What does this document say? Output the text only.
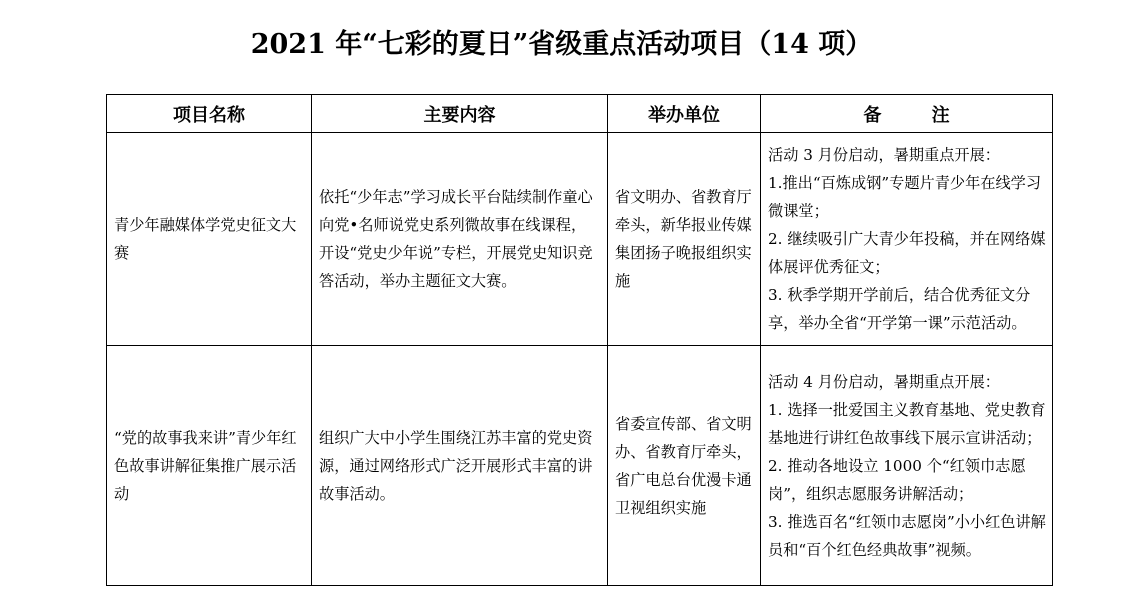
2021 年“七彩的夏日”省级重点活动项目（14 项）
项目名称	主要内容	举办单位	备 注
青少年融媒体学党史征文大赛	依托“少年志”学习成长平台陆续制作童心向党•名师说党史系列微故事在线课程，开设“党史少年说”专栏，开展党史知识竞答活动，举办主题征文大赛。	省文明办、省教育厅牵头，新华报业传媒集团扬子晚报组织实施	活动 3 月份启动，暑期重点开展：
1.推出“百炼成钢”专题片青少年在线学习微课堂；
2. 继续吸引广大青少年投稿，并在网络媒体展评优秀征文；
3. 秋季学期开学前后，结合优秀征文分享，举办全省“开学第一课”示范活动。

“党的故事我来讲”青少年红色故事讲解征集推广展示活动	组织广大中小学生围绕江苏丰富的党史资源，通过网络形式广泛开展形式丰富的讲故事活动。	省委宣传部、省文明办、省教育厅牵头，省广电总台优漫卡通卫视组织实施	活动 4 月份启动，暑期重点开展：
1. 选择一批爱国主义教育基地、党史教育基地进行讲红色故事线下展示宣讲活动；
2. 推动各地设立 1000 个“红领巾志愿岗”，组织志愿服务讲解活动；
3. 推选百名“红领巾志愿岗”小小红色讲解员和“百个红色经典故事”视频。
